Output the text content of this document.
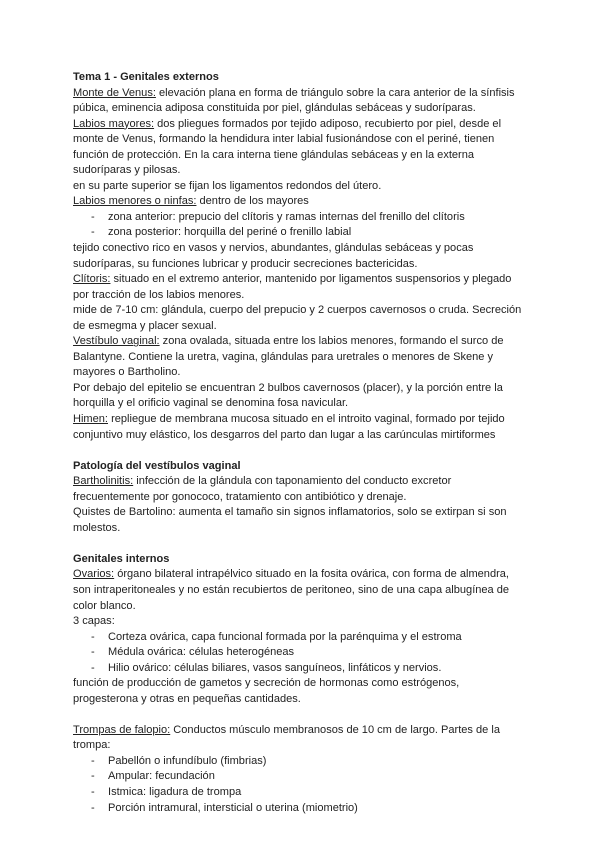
Tema 1 - Genitales externos

Monte de Venus: elevación plana en forma de triángulo sobre la cara anterior de la sínfisis púbica, eminencia adiposa constituida por piel, glándulas sebáceas y sudoríparas.

Labios mayores: dos pliegues formados por tejido adiposo, recubierto por piel, desde el monte de Venus, formando la hendidura inter labial fusionándose con el periné, tienen función de protección. En la cara interna tiene glándulas sebáceas y en la externa sudoríparas y pilosas.

en su parte superior se fijan los ligamentos redondos del útero.

Labios menores o ninfas: dentro de los mayores

- zona anterior: prepucio del clítoris y ramas internas del frenillo del clítoris
- zona posterior: horquilla del periné o frenillo labial

tejido conectivo rico en vasos y nervios, abundantes, glándulas sebáceas y pocas sudoríparas, su funciones lubricar y producir secreciones bactericidas.

Clítoris: situado en el extremo anterior, mantenido por ligamentos suspensorios y plegado por tracción de los labios menores.

mide de 7-10 cm: glándula, cuerpo del prepucio y 2 cuerpos cavernosos o cruda. Secreción de esmegma y placer sexual.

Vestíbulo vaginal: zona ovalada, situada entre los labios menores, formando el surco de Balantyne. Contiene la uretra, vagina, glándulas para uretrales o menores de Skene y mayores o Bartholino.

Por debajo del epitelio se encuentran 2 bulbos cavernosos (placer), y la porción entre la horquilla y el orificio vaginal se denomina fosa navicular.

Himen: repliegue de membrana mucosa situado en el introito vaginal, formado por tejido conjuntivo muy elástico, los desgarros del parto dan lugar a las carúnculas mirtiformes

Patología del vestíbulos vaginal

Bartholinitis: infección de la glándula con taponamiento del conducto excretor frecuentemente por gonococo, tratamiento con antibiótico y drenaje.

Quistes de Bartolino: aumenta el tamaño sin signos inflamatorios, solo se extirpan si son molestos.

Genitales internos

Ovarios: órgano bilateral intrapélvico situado en la fosita ovárica, con forma de almendra, son intraperitoneales y no están recubiertos de peritoneo, sino de una capa albugínea de color blanco.

3 capas:

- Corteza ovárica, capa funcional formada por la parénquima y el estroma
- Médula ovárica: células heterogéneas
- Hilio ovárico: células biliares, vasos sanguíneos, linfáticos y nervios.

función de producción de gametos y secreción de hormonas como estrógenos, progesterona y otras en pequeñas cantidades.

Trompas de falopio: Conductos músculo membranosos de 10 cm de largo. Partes de la trompa:

- Pabellón o infundíbulo (fimbrias)
- Ampular: fecundación
- Istmica: ligadura de trompa
- Porción intramural, intersticial o uterina (miometrio)
